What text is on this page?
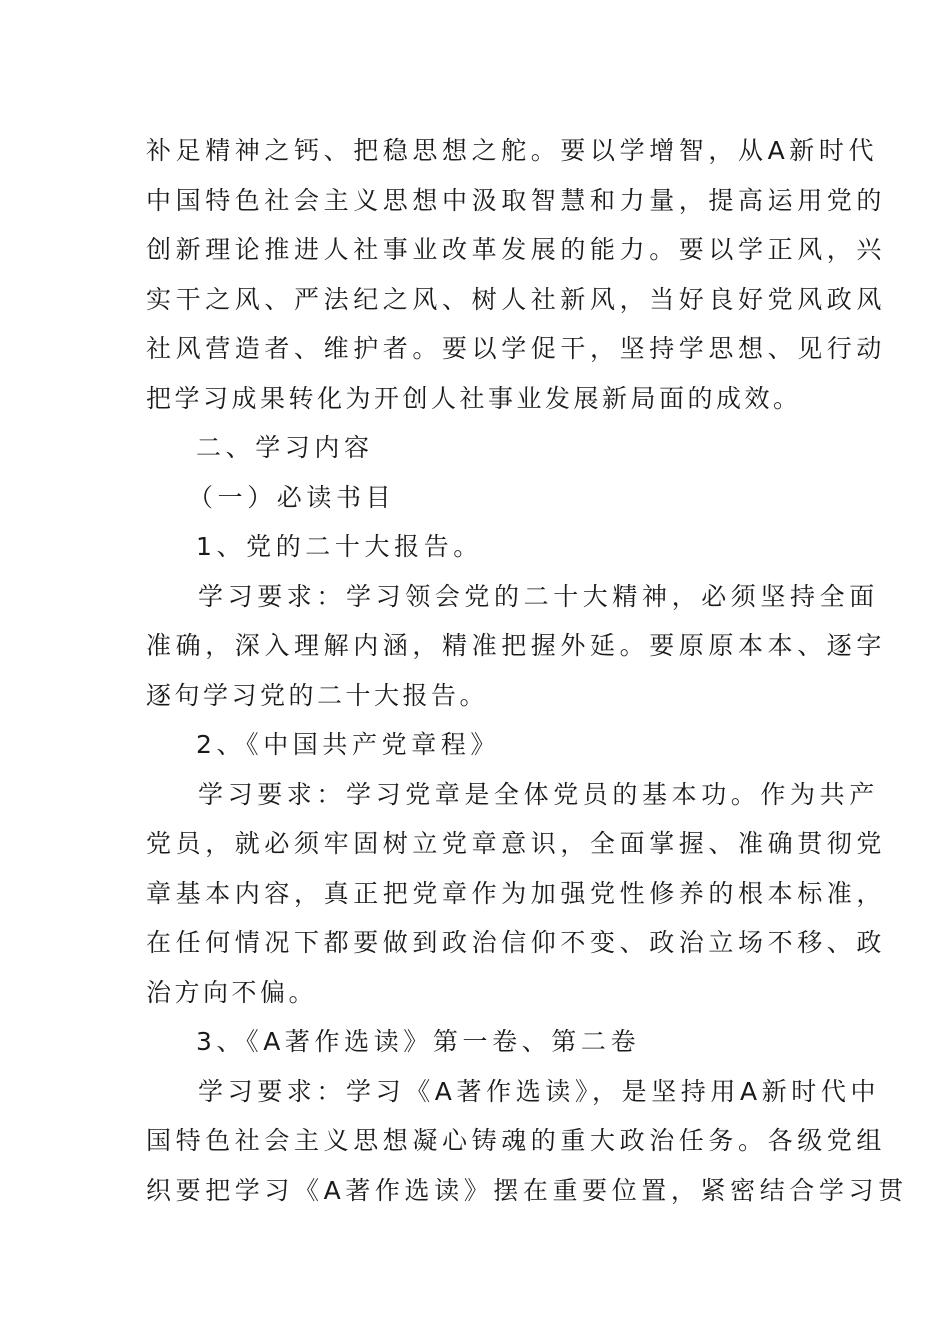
补足精神之钙、把稳思想之舵。要以学增智，从A新时代
中国特色社会主义思想中汲取智慧和力量，提高运用党的
创新理论推进人社事业改革发展的能力。要以学正风，兴
实干之风、严法纪之风、树人社新风，当好良好党风政风
社风营造者、维护者。要以学促干，坚持学思想、见行动
把学习成果转化为开创人社事业发展新局面的成效。
二、学习内容
（一）必读书目
1、党的二十大报告。
学习要求：学习领会党的二十大精神，必须坚持全面
准确，深入理解内涵，精准把握外延。要原原本本、逐字
逐句学习党的二十大报告。
2、《中国共产党章程》
学习要求：学习党章是全体党员的基本功。作为共产
党员，就必须牢固树立党章意识，全面掌握、准确贯彻党
章基本内容，真正把党章作为加强党性修养的根本标准，
在任何情况下都要做到政治信仰不变、政治立场不移、政
治方向不偏。
3、《A著作选读》第一卷、第二卷
学习要求：学习《A著作选读》，是坚持用A新时代中
国特色社会主义思想凝心铸魂的重大政治任务。各级党组
织要把学习《A著作选读》摆在重要位置，紧密结合学习贯
